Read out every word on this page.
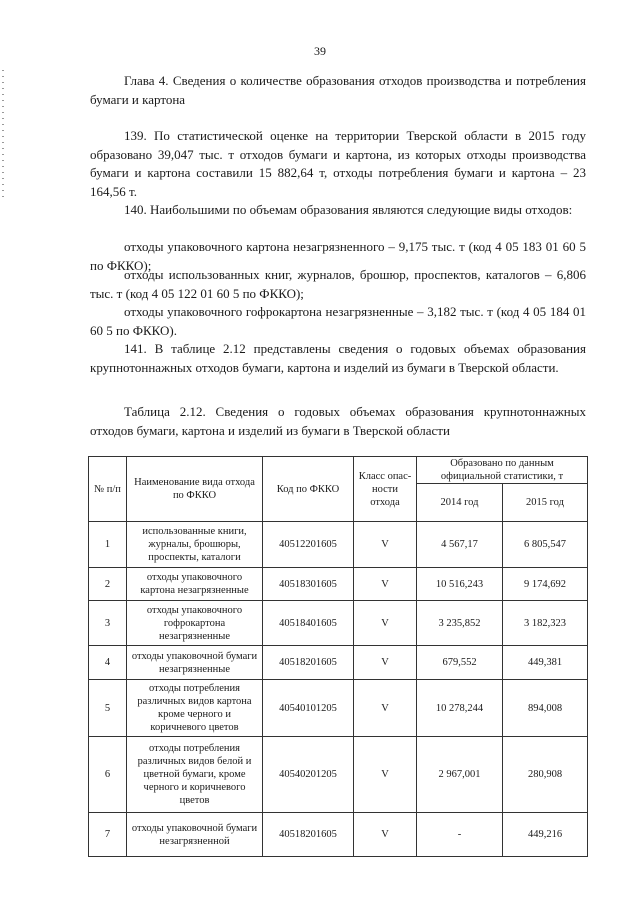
39

Глава 4. Сведения о количестве образования отходов производства и потребления бумаги и картона

139. По статистической оценке на территории Тверской области в 2015 году образовано 39,047 тыс. т отходов бумаги и картона, из которых отходы производства бумаги и картона составили 15 882,64 т, отходы потребления бумаги и картона – 23 164,56 т.

140. Наибольшими по объемам образования являются следующие виды отходов:

отходы упаковочного картона незагрязненного – 9,175 тыс. т (код 4 05 183 01 60 5 по ФККО);

отходы использованных книг, журналов, брошюр, проспектов, каталогов – 6,806 тыс. т (код 4 05 122 01 60 5 по ФККО);

отходы упаковочного гофрокартона незагрязненные – 3,182 тыс. т (код 4 05 184 01 60 5 по ФККО).

141. В таблице 2.12 представлены сведения о годовых объемах образования крупнотоннажных отходов бумаги, картона и изделий из бумаги в Тверской области.

Таблица 2.12. Сведения о годовых объемах образования крупнотоннажных отходов бумаги, картона и изделий из бумаги в Тверской области

№ п/п	Наименование вида отхода по ФККО	Код по ФККО	Класс опас-ности отхода	Образовано по данным официальной статистики, т	
				2014 год	2015 год
1	использованные книги, журналы, брошюры, проспекты, каталоги	40512201605	V	4 567,17	6 805,547
2	отходы упаковочного картона незагрязненные	40518301605	V	10 516,243	9 174,692
3	отходы упаковочного гофрокартона незагрязненные	40518401605	V	3 235,852	3 182,323
4	отходы упаковочной бумаги незагрязненные	40518201605	V	679,552	449,381
5	отходы потребления различных видов картона кроме черного и коричневого цветов	40540101205	V	10 278,244	894,008
6	отходы потребления различных видов белой и цветной бумаги, кроме черного и коричневого цветов	40540201205	V	2 967,001	280,908
7	отходы упаковочной бумаги незагрязненной	40518201605	V	-	449,216
